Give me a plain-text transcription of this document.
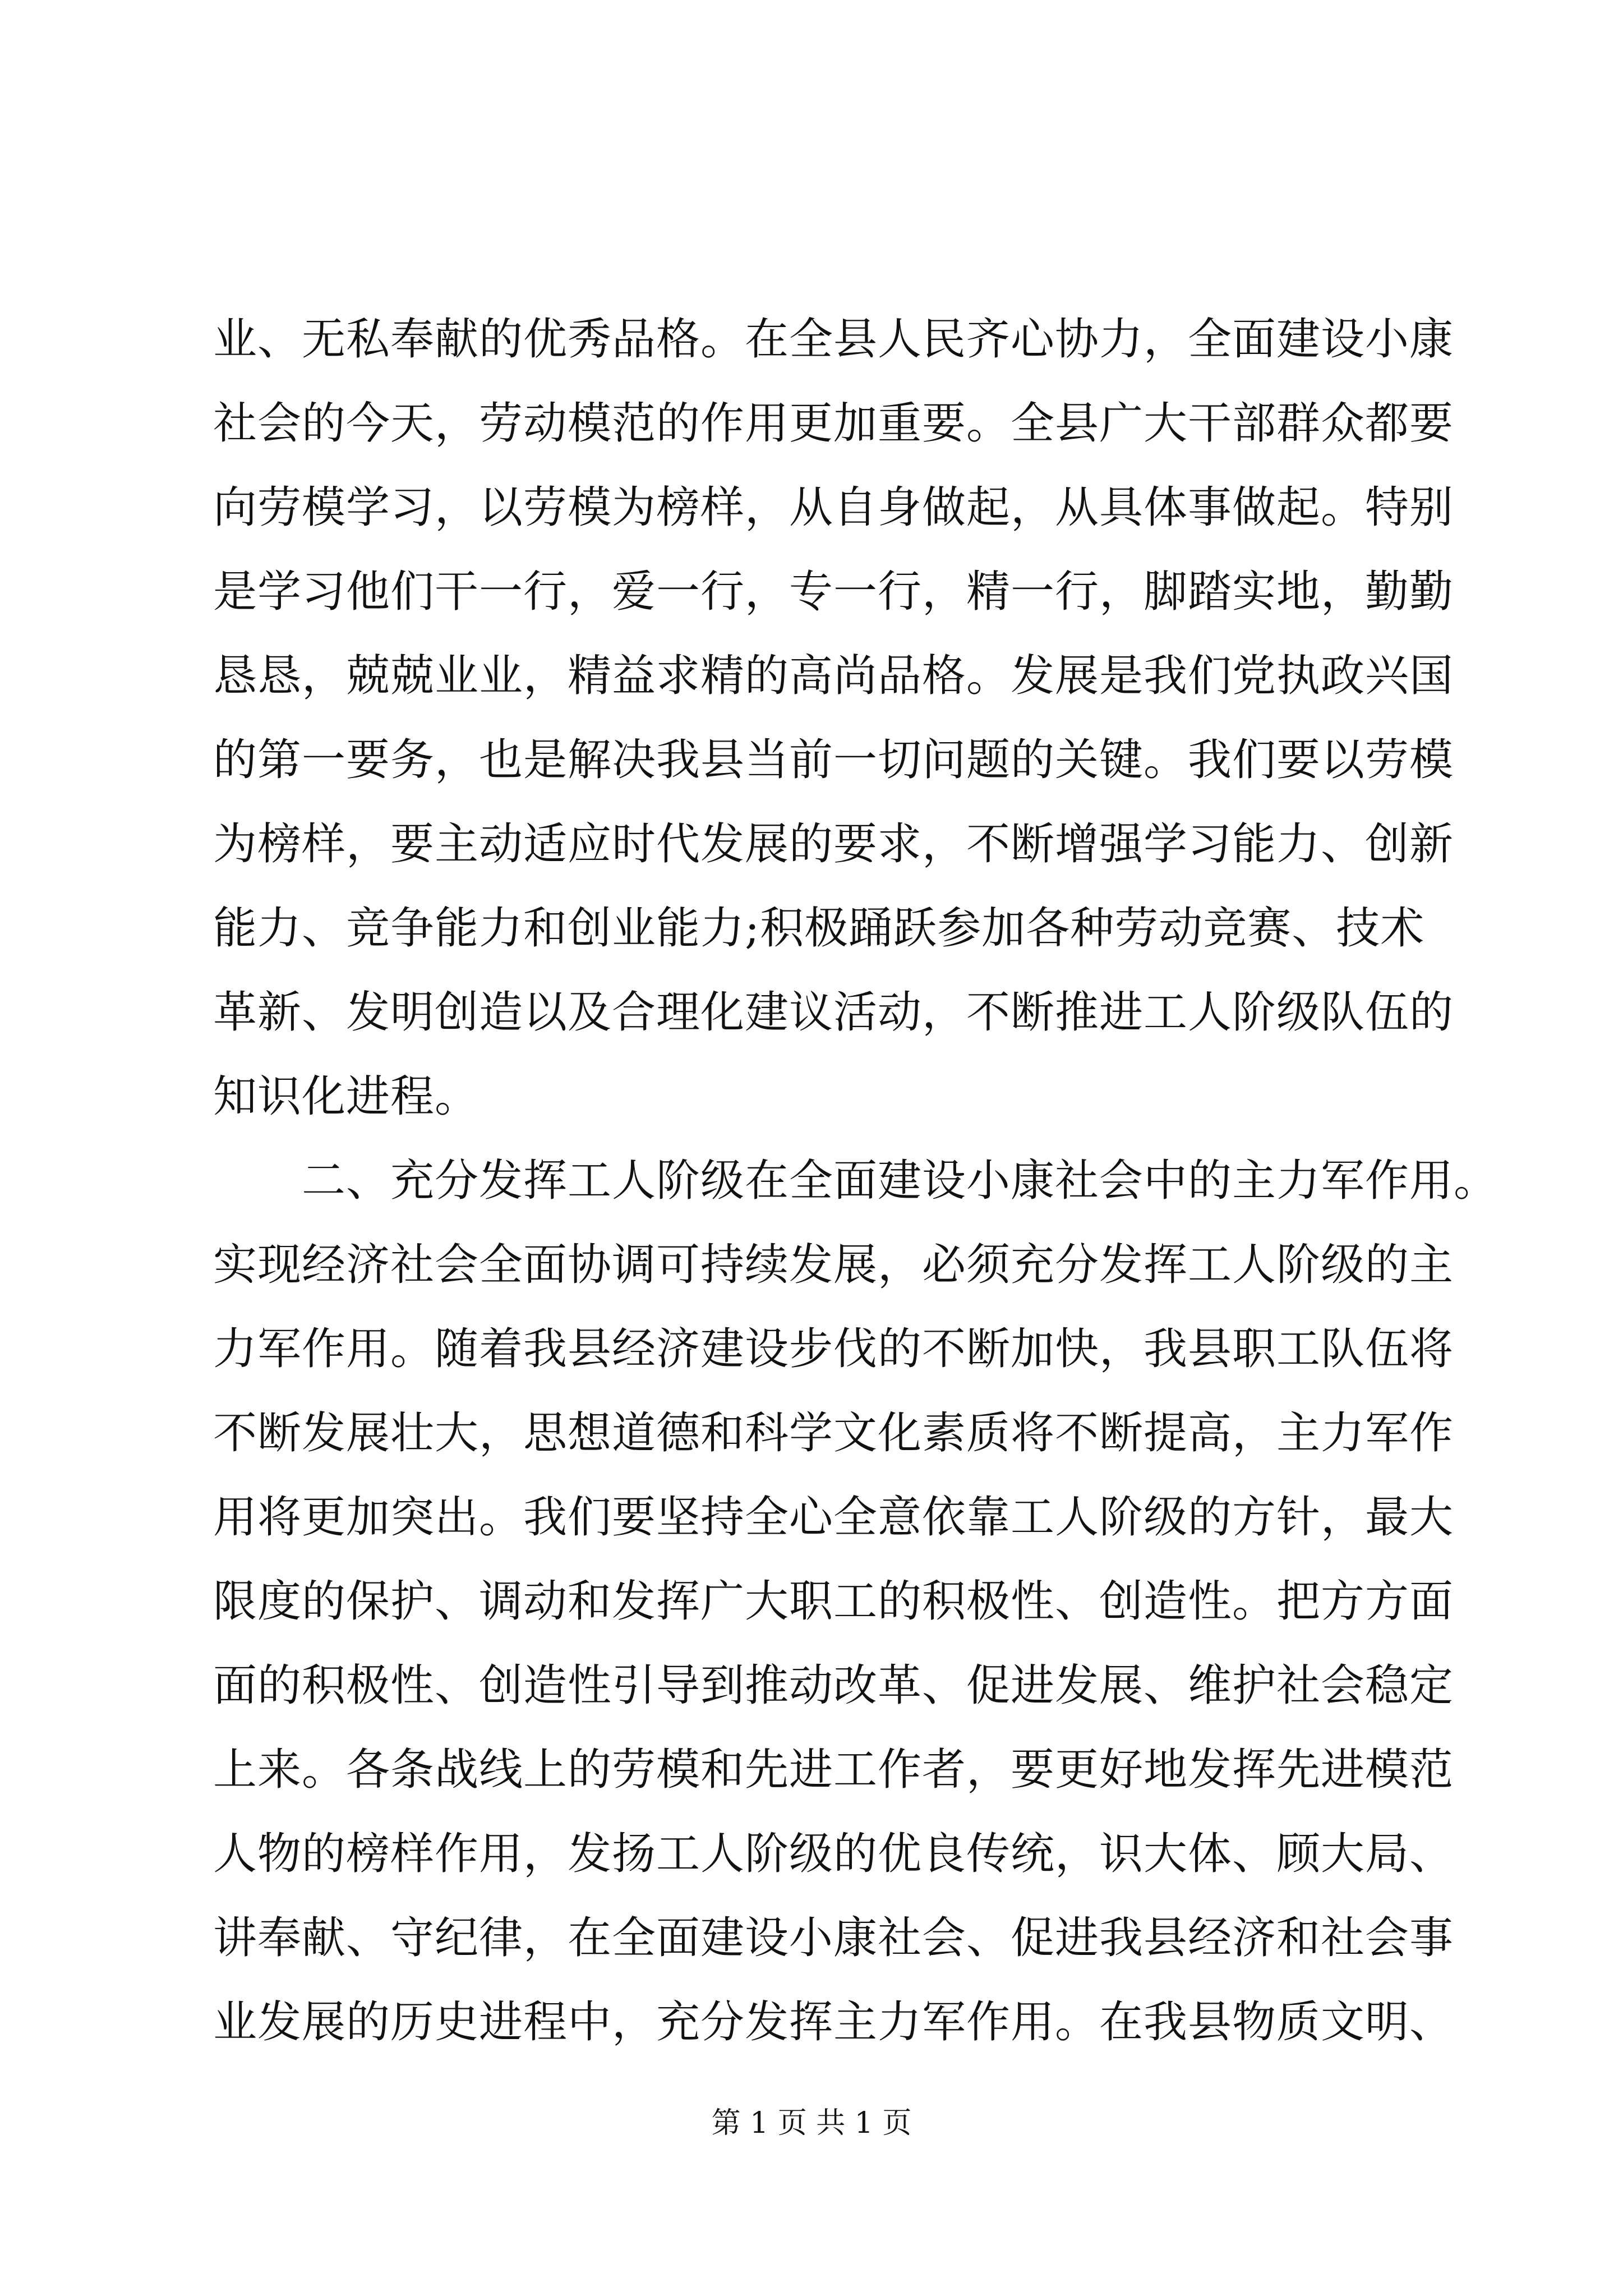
业、无私奉献的优秀品格。在全县人民齐心协力，全面建设小康
社会的今天，劳动模范的作用更加重要。全县广大干部群众都要
向劳模学习，以劳模为榜样，从自身做起，从具体事做起。特别
是学习他们干一行，爱一行，专一行，精一行，脚踏实地，勤勤
恳恳，兢兢业业，精益求精的高尚品格。发展是我们党执政兴国
的第一要务，也是解决我县当前一切问题的关键。我们要以劳模
为榜样，要主动适应时代发展的要求，不断增强学习能力、创新
能力、竞争能力和创业能力;积极踊跃参加各种劳动竞赛、技术
革新、发明创造以及合理化建议活动，不断推进工人阶级队伍的
知识化进程。
二、充分发挥工人阶级在全面建设小康社会中的主力军作用。
实现经济社会全面协调可持续发展，必须充分发挥工人阶级的主
力军作用。随着我县经济建设步伐的不断加快，我县职工队伍将
不断发展壮大，思想道德和科学文化素质将不断提高，主力军作
用将更加突出。我们要坚持全心全意依靠工人阶级的方针，最大
限度的保护、调动和发挥广大职工的积极性、创造性。把方方面
面的积极性、创造性引导到推动改革、促进发展、维护社会稳定
上来。各条战线上的劳模和先进工作者，要更好地发挥先进模范
人物的榜样作用，发扬工人阶级的优良传统，识大体、顾大局、
讲奉献、守纪律，在全面建设小康社会、促进我县经济和社会事
业发展的历史进程中，充分发挥主力军作用。在我县物质文明、
第 1 页 共 1 页
